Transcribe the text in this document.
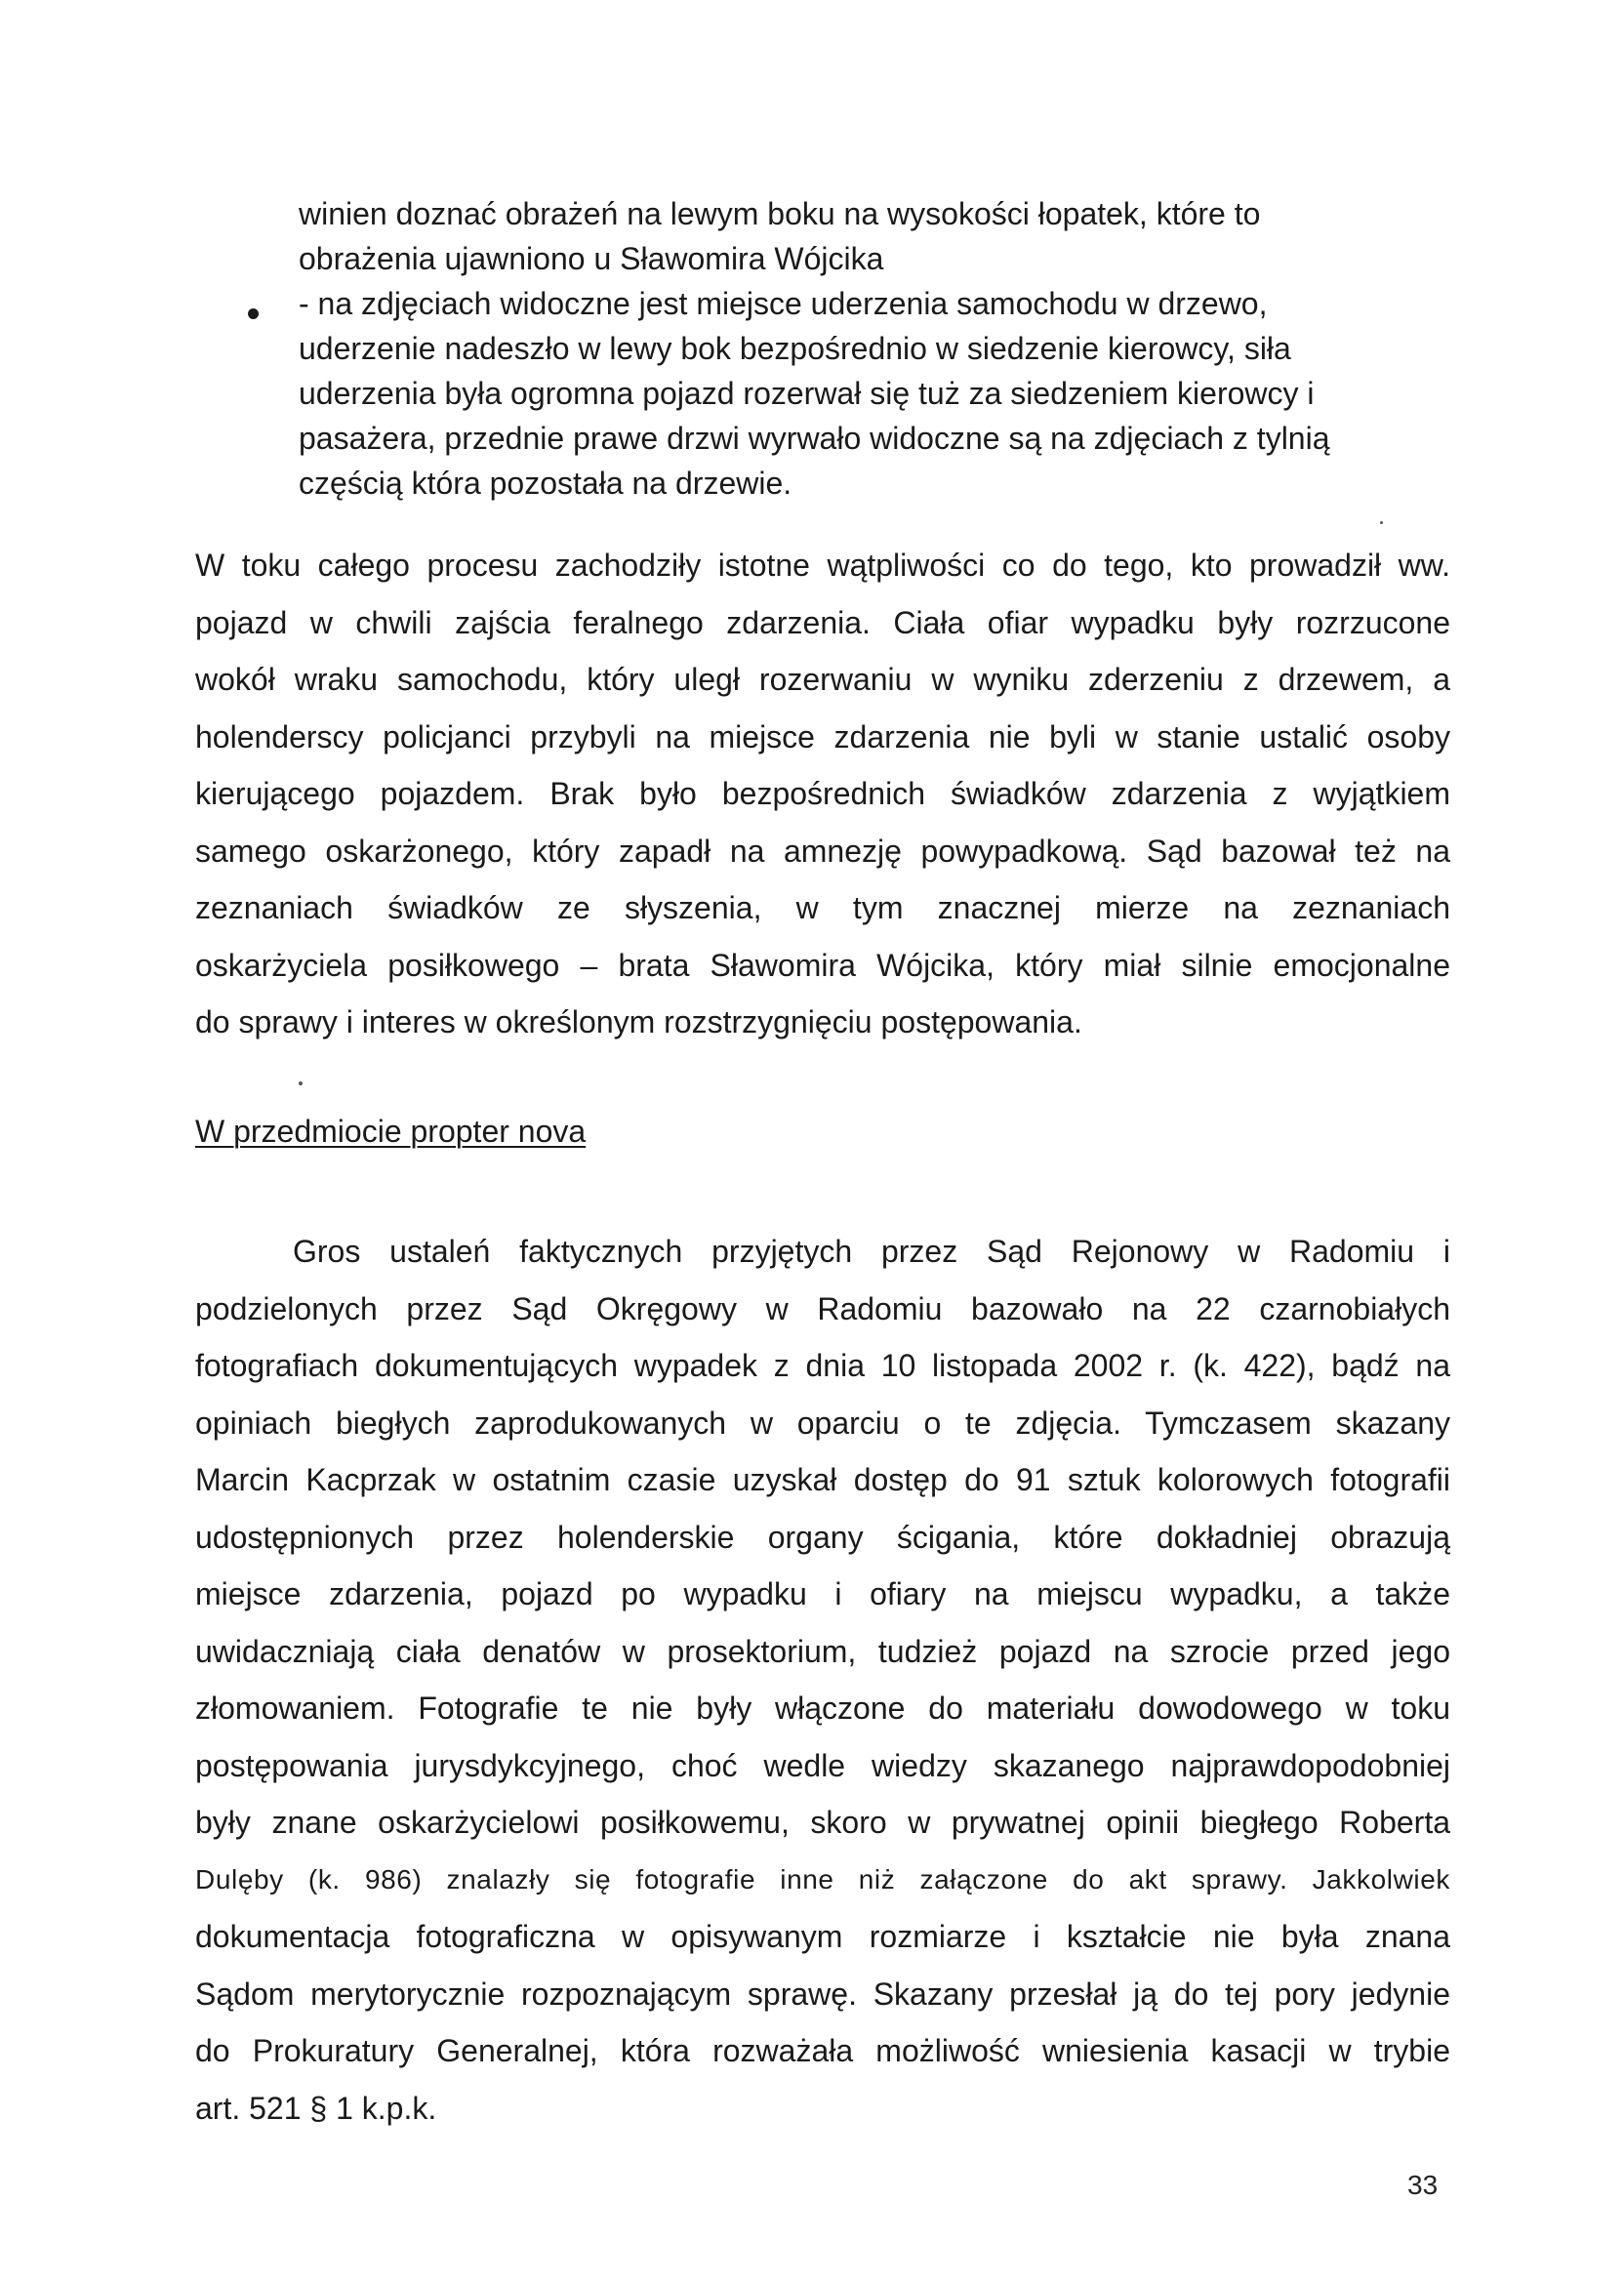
winien doznać obrażeń na lewym boku na wysokości łopatek, które to
obrażenia ujawniono u Sławomira Wójcika
- na zdjęciach widoczne jest miejsce uderzenia samochodu w drzewo,
uderzenie nadeszło w lewy bok bezpośrednio w siedzenie kierowcy, siła
uderzenia była ogromna pojazd rozerwał się tuż za siedzeniem kierowcy i
pasażera, przednie prawe drzwi wyrwało widoczne są na zdjęciach z tylnią
częścią która pozostała na drzewie.
W toku całego procesu zachodziły istotne wątpliwości co do tego, kto prowadził ww.
pojazd w chwili zajścia feralnego zdarzenia. Ciała ofiar wypadku były rozrzucone
wokół wraku samochodu, który uległ rozerwaniu w wyniku zderzeniu z drzewem, a
holenderscy policjanci przybyli na miejsce zdarzenia nie byli w stanie ustalić osoby
kierującego pojazdem. Brak było bezpośrednich świadków zdarzenia z wyjątkiem
samego oskarżonego, który zapadł na amnezję powypadkową. Sąd bazował też na
zeznaniach świadków ze słyszenia, w tym znacznej mierze na zeznaniach
oskarżyciela posiłkowego – brata Sławomira Wójcika, który miał silnie emocjonalne
do sprawy i interes w określonym rozstrzygnięciu postępowania.
W przedmiocie propter nova
Gros ustaleń faktycznych przyjętych przez Sąd Rejonowy w Radomiu i
podzielonych przez Sąd Okręgowy w Radomiu bazowało na 22 czarnobiałych
fotografiach dokumentujących wypadek z dnia 10 listopada 2002 r. (k. 422), bądź na
opiniach biegłych zaprodukowanych w oparciu o te zdjęcia. Tymczasem skazany
Marcin Kacprzak w ostatnim czasie uzyskał dostęp do 91 sztuk kolorowych fotografii
udostępnionych przez holenderskie organy ścigania, które dokładniej obrazują
miejsce zdarzenia, pojazd po wypadku i ofiary na miejscu wypadku, a także
uwidaczniają ciała denatów w prosektorium, tudzież pojazd na szrocie przed jego
złomowaniem. Fotografie te nie były włączone do materiału dowodowego w toku
postępowania jurysdykcyjnego, choć wedle wiedzy skazanego najprawdopodobniej
były znane oskarżycielowi posiłkowemu, skoro w prywatnej opinii biegłego Roberta
Dulęby (k. 986) znalazły się fotografie inne niż załączone do akt sprawy. Jakkolwiek
dokumentacja fotograficzna w opisywanym rozmiarze i kształcie nie była znana
Sądom merytorycznie rozpoznającym sprawę. Skazany przesłał ją do tej pory jedynie
do Prokuratury Generalnej, która rozważała możliwość wniesienia kasacji w trybie
art. 521 § 1 k.p.k.
33
